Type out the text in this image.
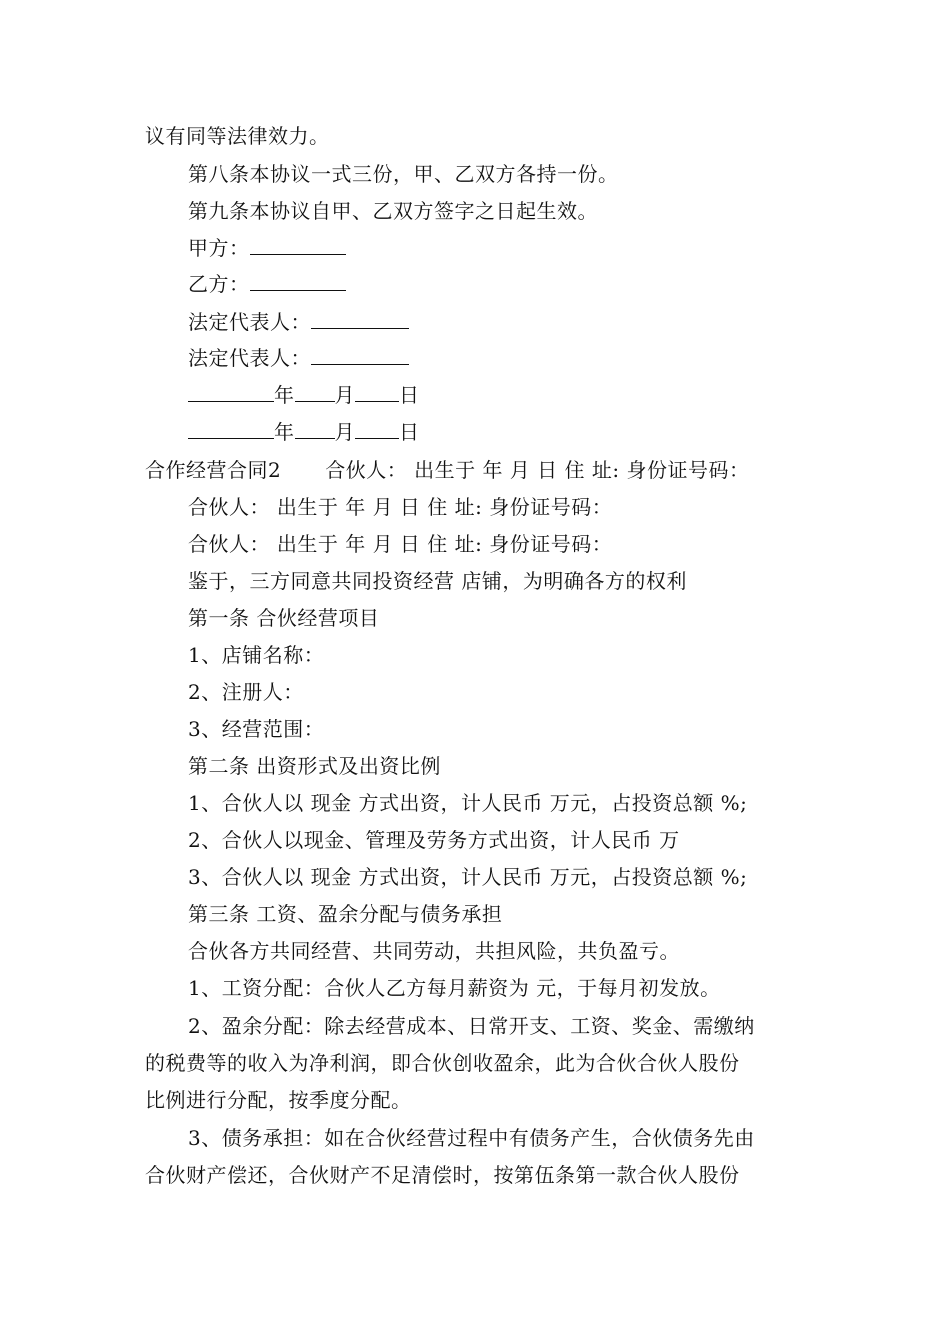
议有同等法律效力。
第八条本协议一式三份，甲、乙双方各持一份。
第九条本协议自甲、乙双方签字之日起生效。
甲方：
乙方：
法定代表人：
法定代表人：
年 月 日
年 月 日
合作经营合同2 合伙人： 出生于 年 月 日 住 址: 身份证号码：
合伙人： 出生于 年 月 日 住 址: 身份证号码：
合伙人： 出生于 年 月 日 住 址: 身份证号码：
鉴于，三方同意共同投资经营 店铺，为明确各方的权利
第一条 合伙经营项目
1、店铺名称：
2、注册人：
3、经营范围：
第二条 出资形式及出资比例
1、合伙人以 现金 方式出资，计人民币 万元，占投资总额 %;
2、合伙人以现金、管理及劳务方式出资，计人民币 万
3、合伙人以 现金 方式出资，计人民币 万元，占投资总额 %;
第三条 工资、盈余分配与债务承担
合伙各方共同经营、共同劳动，共担风险，共负盈亏。
1、工资分配：合伙人乙方每月薪资为 元，于每月初发放。
2、盈余分配：除去经营成本、日常开支、工资、奖金、需缴纳
的税费等的收入为净利润，即合伙创收盈余，此为合伙合伙人股份
比例进行分配，按季度分配。
3、债务承担：如在合伙经营过程中有债务产生，合伙债务先由
合伙财产偿还，合伙财产不足清偿时，按第伍条第一款合伙人股份
